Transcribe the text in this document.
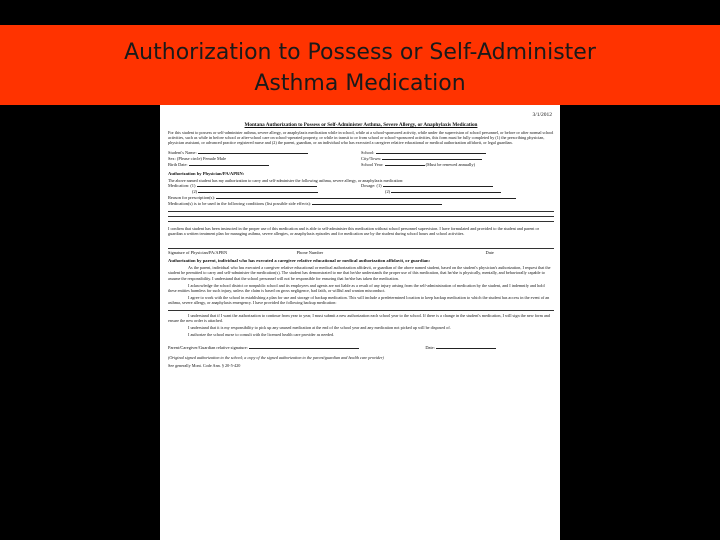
Authorization to Possess or Self-Administer
Asthma Medication
3/1/2012
Montana Authorization to Possess or Self-Administer Asthma, Severe Allergy, or Anaphylaxis Medication

For this student to possess or self-administer asthma, severe allergy, or anaphylaxis medication while in school, while at a school-sponsored activity, while under the supervision of school personnel, or before or after normal school activities, such as while in before school or after-school care on school-operated property, or while in transit to or from school or school-sponsored activities, this form must be fully completed by (1) the prescribing physician, physician assistant, or advanced practice registered nurse and (2) the parent, guardian, or an individual who has executed a caregiver relative educational or medical authorization affidavit, or legal guardian.

Student's Name:	School:
Sex: (Please circle) Female Male	City/Town:
Birth Date:	School Year:	(Must be renewed annually)
Authorization by Physician/PA/APRN:

The above named student has my authorization to carry and self-administer the following asthma, severe allergy, or anaphylaxis medication:

Medication: (1)	Dosage: (1)
(2)	(2)
Reason for prescription(s):
Medication(s) is to be used in the following conditions (list possible side effects):

I confirm that student has been instructed in the proper use of this medication and is able to self-administer this medication without school personnel supervision. I have formulated and provided to the student and parent or guardian a written treatment plan for managing asthma, severe allergies, or anaphylaxis episodes and for medication use by the student during school hours and school activities.

Signature of Physician/PA/APRN	Phone Number	Date
Authorization by parent, individual who has executed a caregiver relative educational or medical authorization affidavit, or guardian:

As the parent, individual who has executed a caregiver relative educational or medical authorization affidavit, or guardian of the above named student, based on the student's physician's authorization, I request that the student be permitted to carry and self-administer the medication(s). The student has demonstrated to me that he/she understands the proper use of this medication, that he/she is physically, mentally, and behaviorally capable to assume the responsibility. I understand that the school personnel will not be responsible for ensuring that he/she has taken the medication.

I acknowledge the school district or nonpublic school and its employees and agents are not liable as a result of any injury arising from the self-administration of medication by the student, and I indemnify and hold these entities harmless for such injury, unless the claim is based on gross negligence, bad faith, or willful and wanton misconduct.

I agree to work with the school in establishing a plan for use and storage of backup medication. This will include a predetermined location to keep backup medication to which the student has access in the event of an asthma, severe allergy, or anaphylaxis emergency. I have provided the following backup medication:

I understand that if I want the authorization to continue from year to year, I must submit a new authorization each school year to the school. If there is a change in the student's medication, I will sign the new form and ensure the new order is attached.

I understand that it is my responsibility to pick up any unused medication at the end of the school year and any medication not picked up will be disposed of.

I authorize the school nurse to consult with the licensed health care provider as needed.

Parent/Caregiver/Guardian relative signature:	Date:

(Original signed authorization to the school; a copy of the signed authorization to the parent/guardian and health care provider)

See generally Mont. Code Ann. § 20-5-420
